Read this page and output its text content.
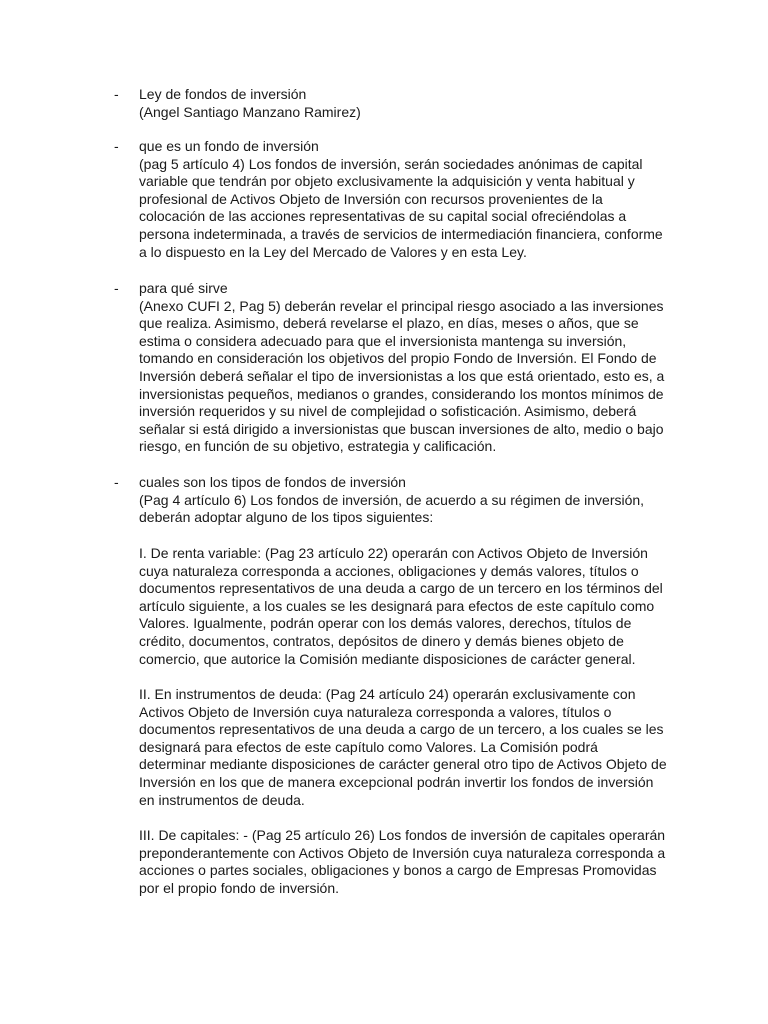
- Ley de fondos de inversión
(Angel Santiago Manzano Ramirez)
- que es un fondo de inversión
(pag 5 artículo 4) Los fondos de inversión, serán sociedades anónimas de capital
variable que tendrán por objeto exclusivamente la adquisición y venta habitual y
profesional de Activos Objeto de Inversión con recursos provenientes de la
colocación de las acciones representativas de su capital social ofreciéndolas a
persona indeterminada, a través de servicios de intermediación financiera, conforme
a lo dispuesto en la Ley del Mercado de Valores y en esta Ley.
- para qué sirve
(Anexo CUFI 2, Pag 5) deberán revelar el principal riesgo asociado a las inversiones
que realiza. Asimismo, deberá revelarse el plazo, en días, meses o años, que se
estima o considera adecuado para que el inversionista mantenga su inversión,
tomando en consideración los objetivos del propio Fondo de Inversión. El Fondo de
Inversión deberá señalar el tipo de inversionistas a los que está orientado, esto es, a
inversionistas pequeños, medianos o grandes, considerando los montos mínimos de
inversión requeridos y su nivel de complejidad o sofisticación. Asimismo, deberá
señalar si está dirigido a inversionistas que buscan inversiones de alto, medio o bajo
riesgo, en función de su objetivo, estrategia y calificación.
- cuales son los tipos de fondos de inversión
(Pag 4 artículo 6) Los fondos de inversión, de acuerdo a su régimen de inversión,
deberán adoptar alguno de los tipos siguientes:
I. De renta variable: (Pag 23 artículo 22) operarán con Activos Objeto de Inversión
cuya naturaleza corresponda a acciones, obligaciones y demás valores, títulos o
documentos representativos de una deuda a cargo de un tercero en los términos del
artículo siguiente, a los cuales se les designará para efectos de este capítulo como
Valores. Igualmente, podrán operar con los demás valores, derechos, títulos de
crédito, documentos, contratos, depósitos de dinero y demás bienes objeto de
comercio, que autorice la Comisión mediante disposiciones de carácter general.
II. En instrumentos de deuda: (Pag 24 artículo 24) operarán exclusivamente con
Activos Objeto de Inversión cuya naturaleza corresponda a valores, títulos o
documentos representativos de una deuda a cargo de un tercero, a los cuales se les
designará para efectos de este capítulo como Valores. La Comisión podrá
determinar mediante disposiciones de carácter general otro tipo de Activos Objeto de
Inversión en los que de manera excepcional podrán invertir los fondos de inversión
en instrumentos de deuda.
III. De capitales: - (Pag 25 artículo 26) Los fondos de inversión de capitales operarán
preponderantemente con Activos Objeto de Inversión cuya naturaleza corresponda a
acciones o partes sociales, obligaciones y bonos a cargo de Empresas Promovidas
por el propio fondo de inversión.
